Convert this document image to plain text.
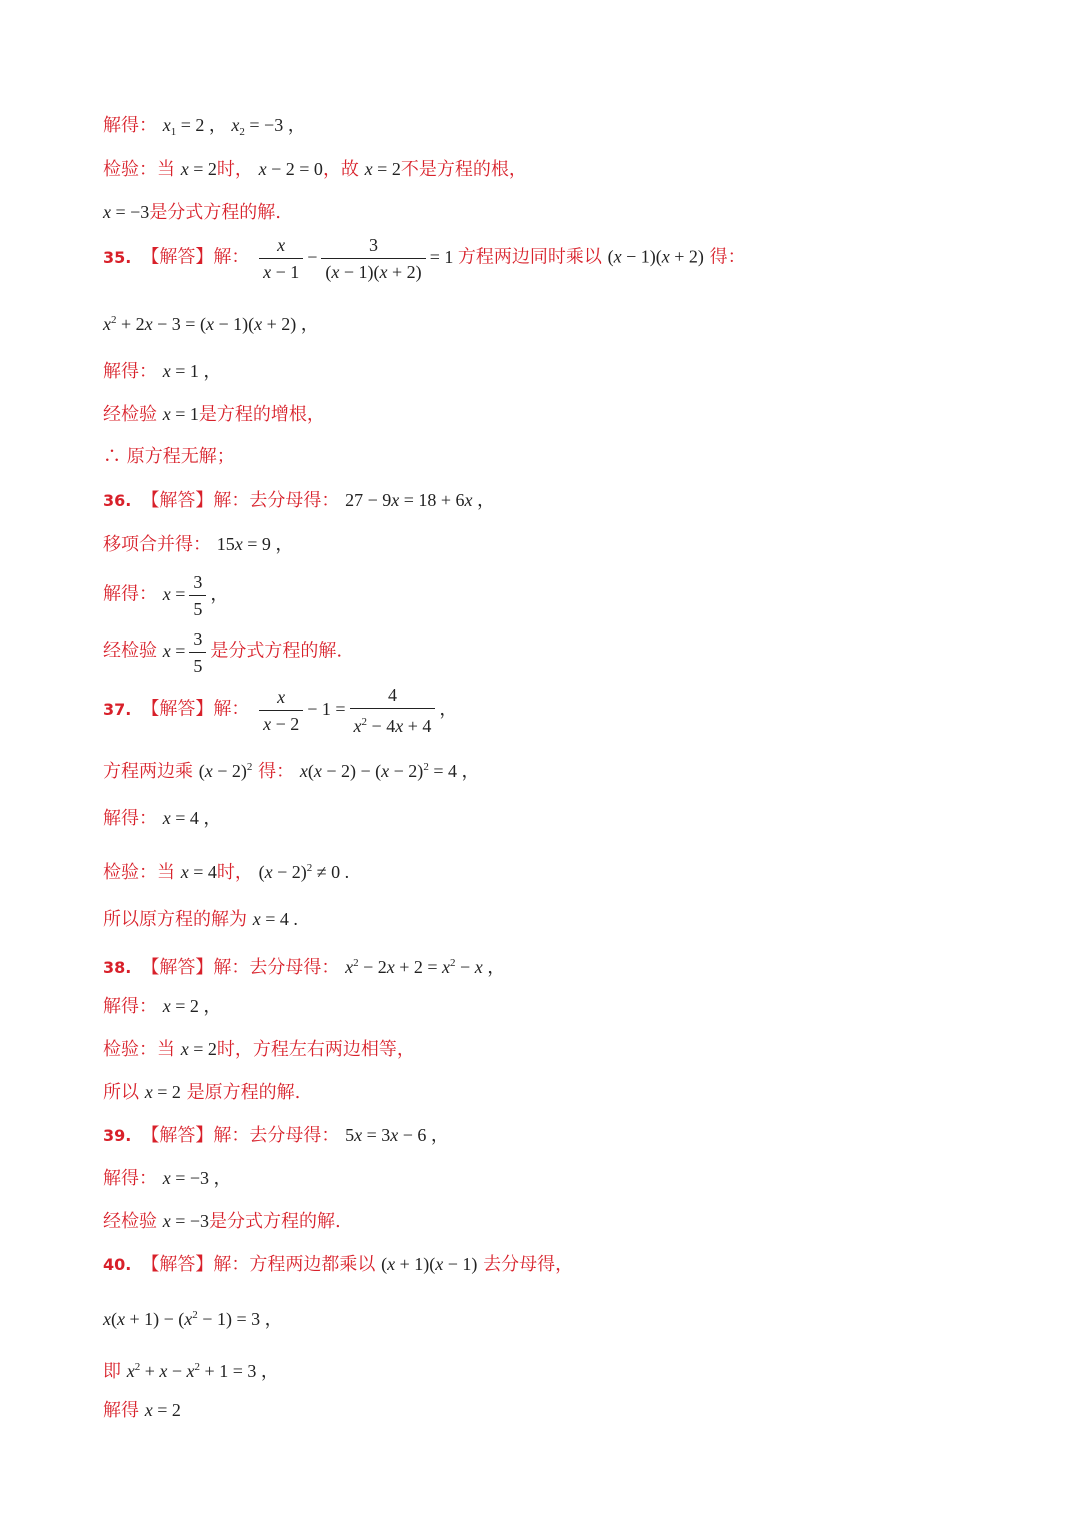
解得： $x_1 = 2$ ， $x_2 = -3$ ，
检验：当 x = 2时， x − 2 = 0，故 x = 2不是方程的根，
x = −3是分式方程的解.
35. 【解答】解： $\frac{x}{x - 1} - \frac{3}{(x - 1)(x + 2)} = 1$ 方程两边同时乘以 (x − 1)(x + 2) 得：
$x^2 + 2x - 3 = (x - 1)(x + 2)$ ，
解得： x = 1 ，
经检验 x = 1是方程的增根，
∴ 原方程无解；
36. 【解答】解：去分母得： 27 − 9x = 18 + 6x ，
移项合并得： 15x = 9 ，
解得： $x = \frac{3}{5}$ ，
经检验 $x = \frac{3}{5}$ 是分式方程的解.
37. 【解答】解： $\frac{x}{x - 2} - 1 = \frac{4}{x^2 - 4x + 4}$ ，
方程两边乘 $(x - 2)^2$ 得： $x(x - 2) - (x - 2)^2 = 4$ ，
解得： x = 4 ，
检验：当 x = 4时， $(x - 2)^2 \ne 0$ .
所以原方程的解为 x = 4 .
38. 【解答】解：去分母得： $x^2 - 2x + 2 = x^2 - x$ ，
解得： x = 2 ，
检验：当 x = 2时，方程左右两边相等，
所以 x = 2 是原方程的解.
39. 【解答】解：去分母得： 5x = 3x − 6 ，
解得： x = −3 ，
经检验 x = −3是分式方程的解.
40. 【解答】解：方程两边都乘以 (x + 1)(x − 1) 去分母得，
$x(x + 1) - (x^2 - 1) = 3$ ，
即 $x^2 + x - x^2 + 1 = 3$ ，
解得 x = 2
